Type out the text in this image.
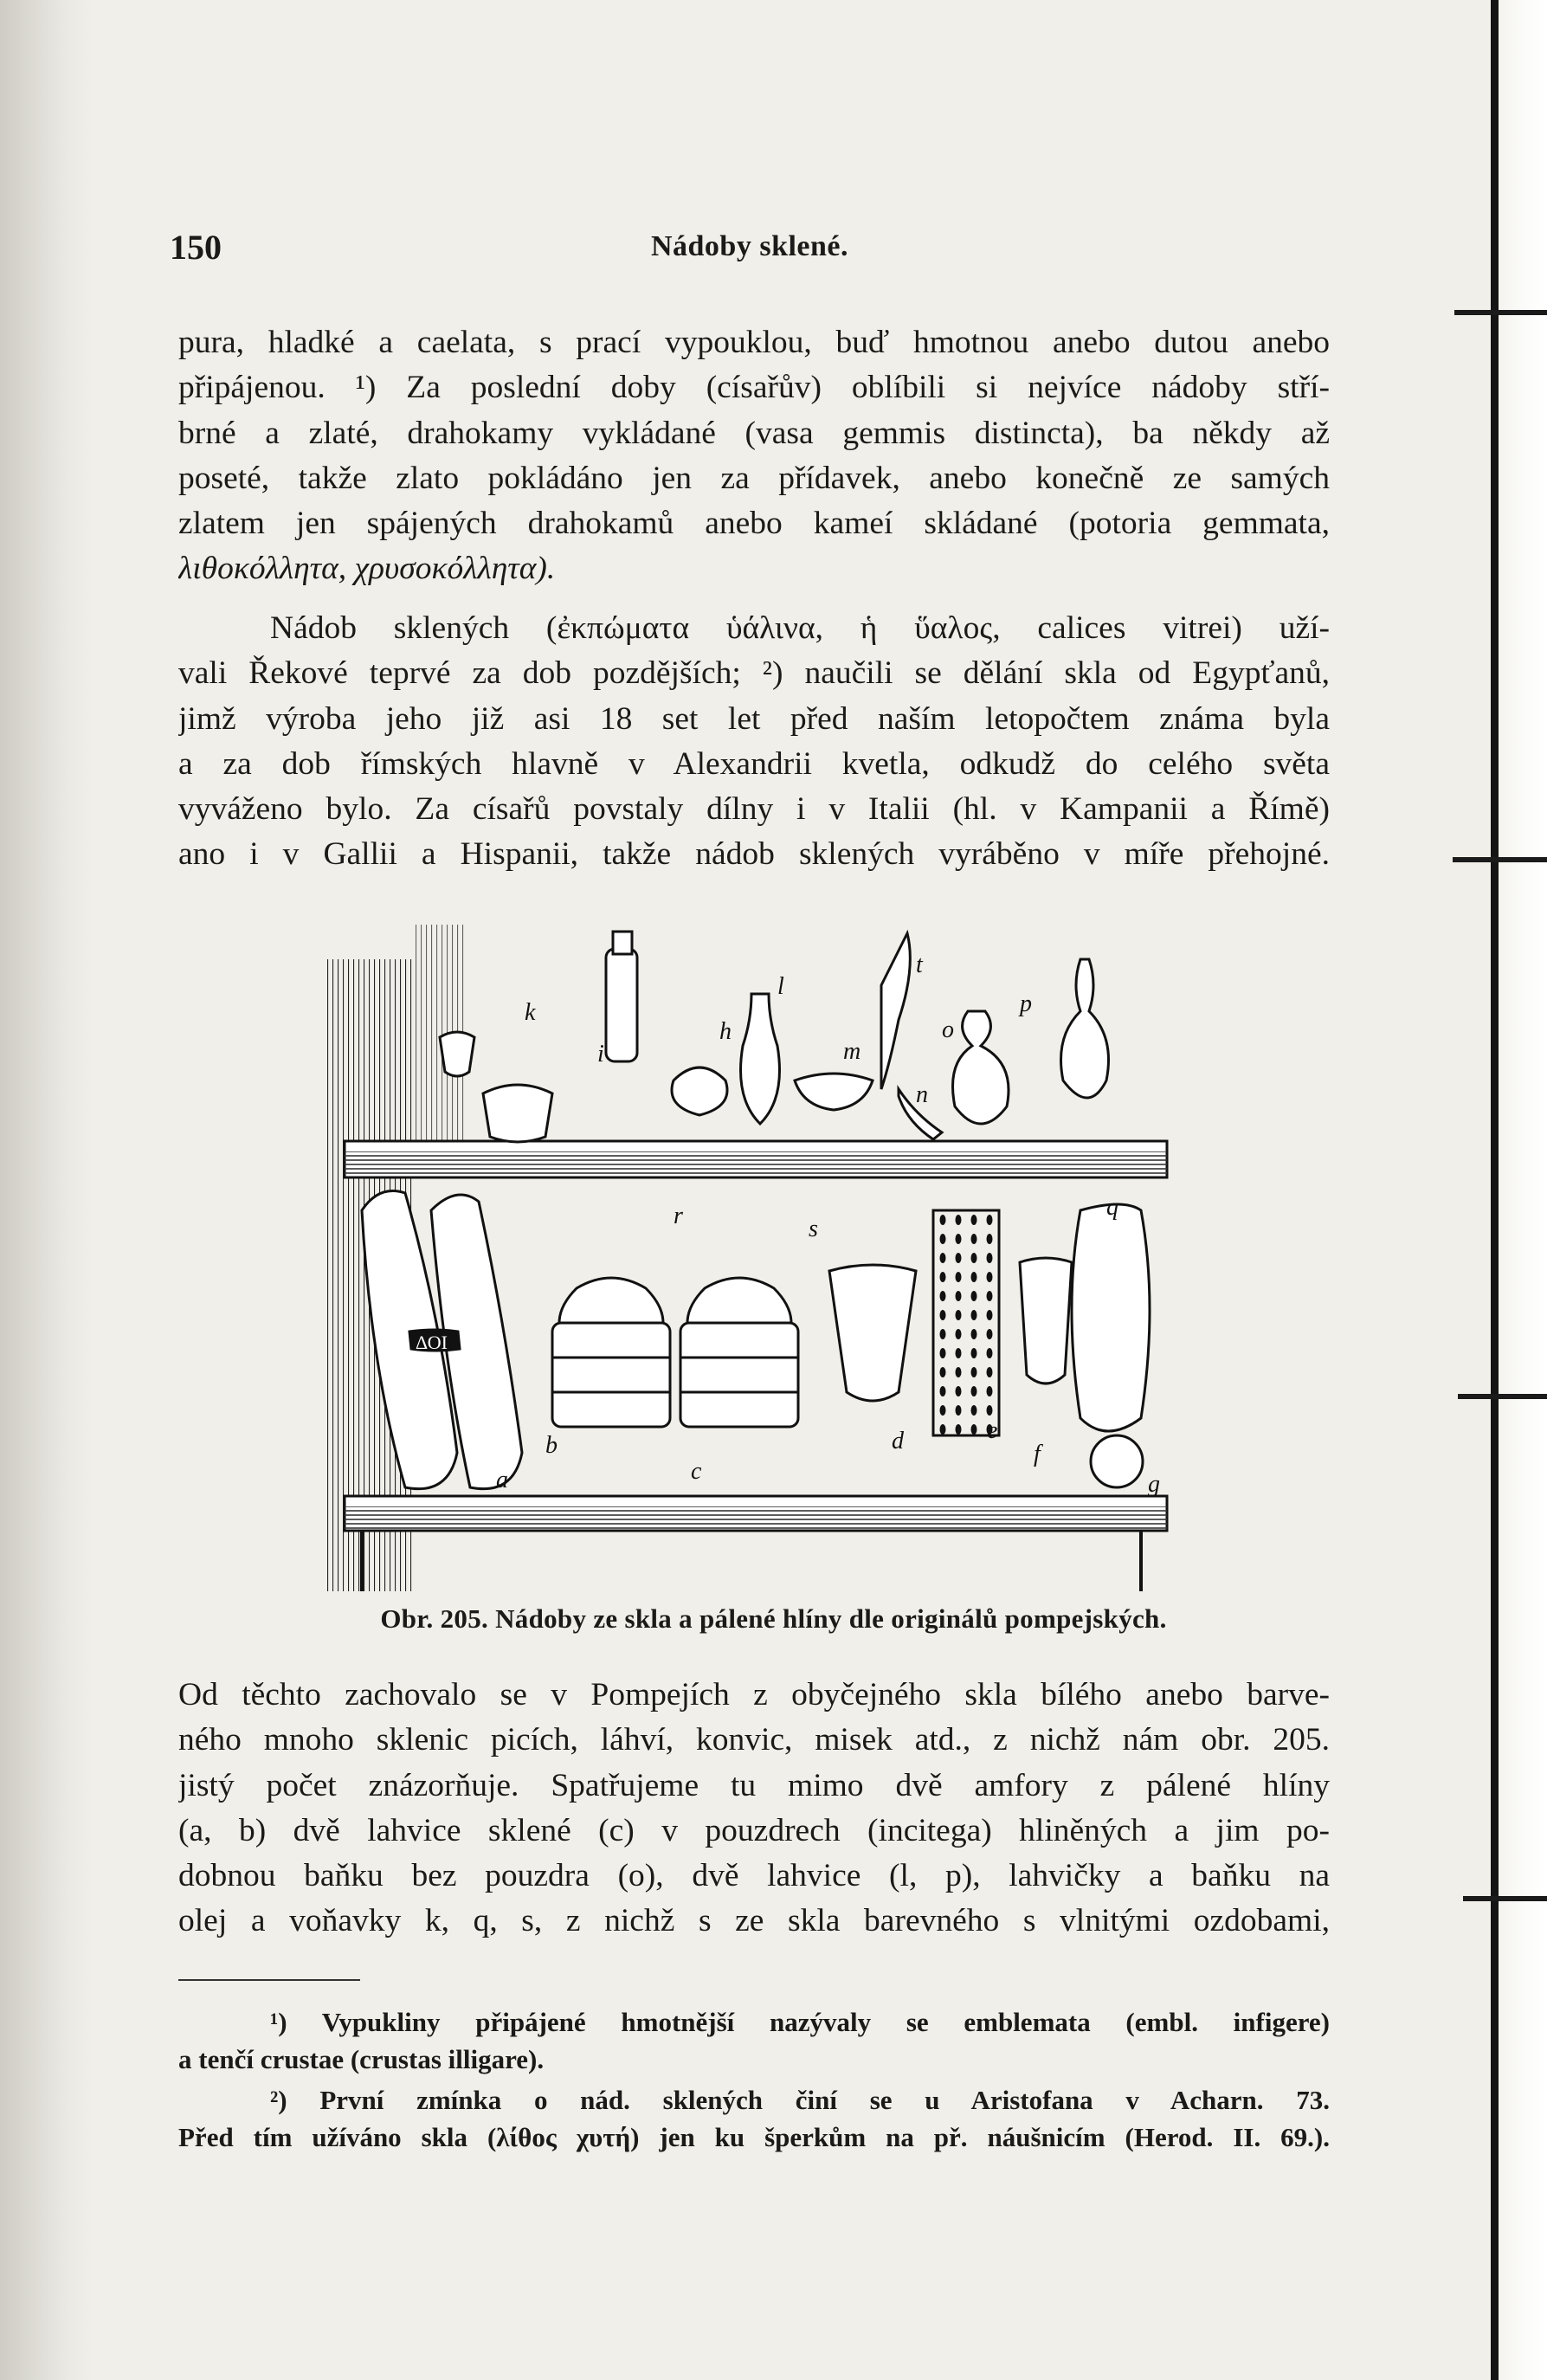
150	Nádoby sklené.
pura, hladké a caelata, s prací vypouklou, buď hmotnou anebo dutou anebo
připájenou. ¹) Za poslední doby (císařův) oblíbili si nejvíce nádoby stří-
brné a zlaté, drahokamy vykládané (vasa gemmis distincta), ba někdy až
poseté, takže zlato pokládáno jen za přídavek, anebo konečně ze samých
zlatem jen spájených drahokamů anebo kameí skládané (potoria gemmata,
λιθοκόλλητα, χρυσοκόλλητα).
Nádob sklených (ἐκπώματα ὑάλινα, ἡ ὕαλος, calices vitrei) uží-
vali Řekové teprvé za dob pozdějších; ²) naučili se dělání skla od Egypťanů,
jimž výroba jeho již asi 18 set let před naším letopočtem známa byla
a za dob římských hlavně v Alexandrii kvetla, odkudž do celého světa
vyváženo bylo. Za císařů povstaly dílny i v Italii (hl. v Kampanii a Římě)
ano i v Gallii a Hispanii, takže nádob sklených vyráběno v míře přehojné.
ΔΟΙ
a
b
c
d	e
f
g
h
i
k
l
m
n
o
p
q
r	s
t
Obr. 205. Nádoby ze skla a pálené hlíny dle originálů pompejských.
Od těchto zachovalo se v Pompejích z obyčejného skla bílého anebo barve-
ného mnoho sklenic picích, láhví, konvic, misek atd., z nichž nám obr. 205.
jistý počet znázorňuje. Spatřujeme tu mimo dvě amfory z pálené hlíny
(a, b) dvě lahvice sklené (c) v pouzdrech (incitega) hliněných a jim po-
dobnou baňku bez pouzdra (o), dvě lahvice (l, p), lahvičky a baňku na
olej a voňavky k, q, s, z nichž s ze skla barevného s vlnitými ozdobami,
¹) Vypukliny připájené hmotnější nazývaly se emblemata (embl. infigere)
a tenčí crustae (crustas illigare).
²) První zmínka o nád. sklených činí se u Aristofana v Acharn. 73.
Před tím užíváno skla (λίθος χυτή) jen ku šperkům na př. náušnicím (Herod. II. 69.).
